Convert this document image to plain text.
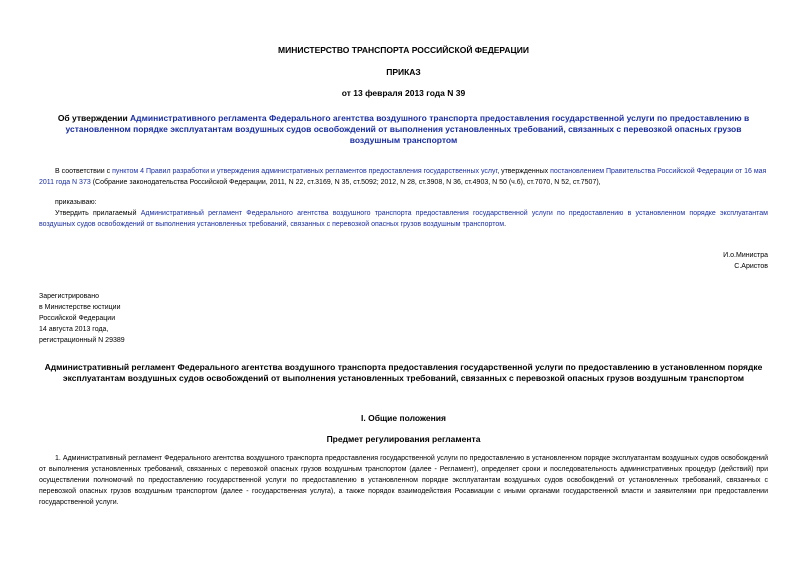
МИНИСТЕРСТВО ТРАНСПОРТА РОССИЙСКОЙ ФЕДЕРАЦИИ
ПРИКАЗ
от 13 февраля 2013 года N 39
Об утверждении Административного регламента Федерального агентства воздушного транспорта предоставления государственной услуги по предоставлению в установленном порядке эксплуатантам воздушных судов освобождений от выполнения установленных требований, связанных с перевозкой опасных грузов воздушным транспортом
В соответствии с пунктом 4 Правил разработки и утверждения административных регламентов предоставления государственных услуг, утвержденных постановлением Правительства Российской Федерации от 16 мая 2011 года N 373 (Собрание законодательства Российской Федерации, 2011, N 22, ст.3169, N 35, ст.5092; 2012, N 28, ст.3908, N 36, ст.4903, N 50 (ч.6), ст.7070, N 52, ст.7507),
приказываю:
Утвердить прилагаемый Административный регламент Федерального агентства воздушного транспорта предоставления государственной услуги по предоставлению в установленном порядке эксплуатантам воздушных судов освобождений от выполнения установленных требований, связанных с перевозкой опасных грузов воздушным транспортом.
И.о.Министра
С.Аристов
Зарегистрировано
в Министерстве юстиции
Российской Федерации
14 августа 2013 года,
регистрационный N 29389
Административный регламент Федерального агентства воздушного транспорта предоставления государственной услуги по предоставлению в установленном порядке эксплуатантам воздушных судов освобождений от выполнения установленных требований, связанных с перевозкой опасных грузов воздушным транспортом
I. Общие положения
Предмет регулирования регламента
1. Административный регламент Федерального агентства воздушного транспорта предоставления государственной услуги по предоставлению в установленном порядке эксплуатантам воздушных судов освобождений от выполнения установленных требований, связанных с перевозкой опасных грузов воздушным транспортом (далее - Регламент), определяет сроки и последовательность административных процедур (действий) при осуществлении полномочий по предоставлению государственной услуги по предоставлению в установленном порядке эксплуатантам воздушных судов освобождений от установленных требований, связанных с перевозкой опасных грузов воздушным транспортом (далее - государственная услуга), а также порядок взаимодействия Росавиации с иными органами государственной власти и заявителями при предоставлении государственной услуги.
